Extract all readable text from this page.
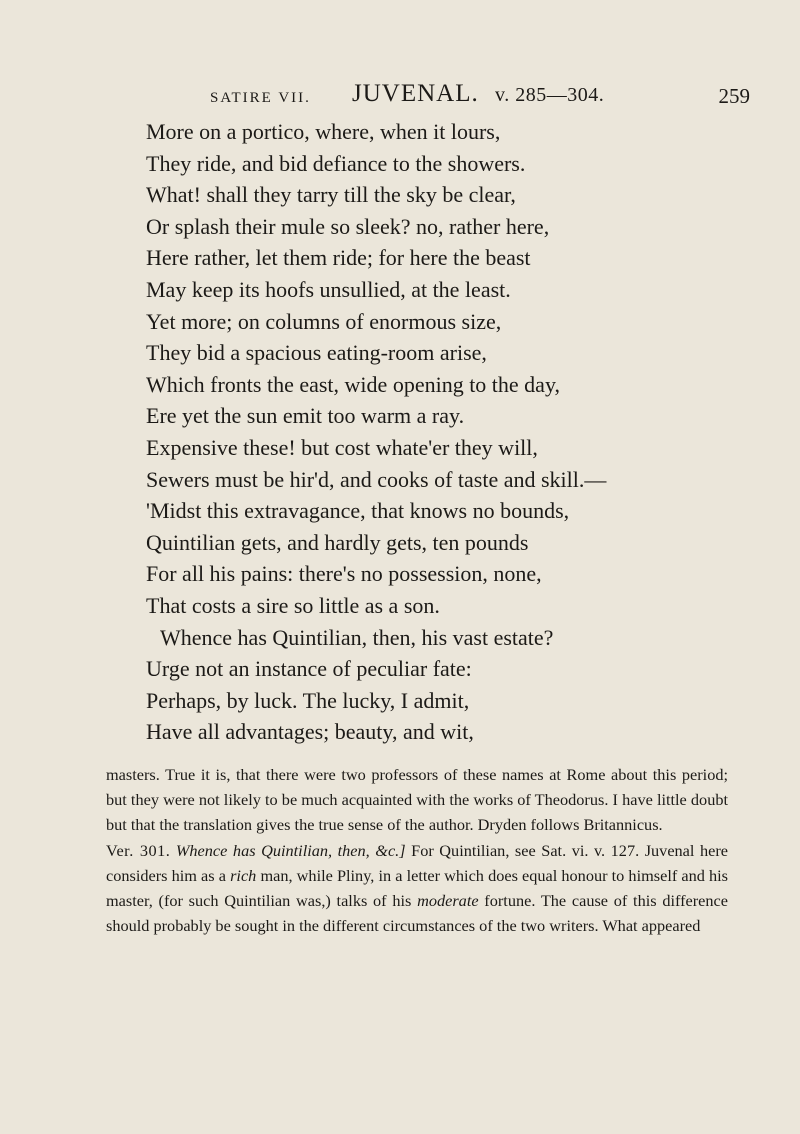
SATIRE VII. JUVENAL. v. 285—304.	259
More on a portico, where, when it lours,
They ride, and bid defiance to the showers.
What! shall they tarry till the sky be clear,
Or splash their mule so sleek? no, rather here,
Here rather, let them ride; for here the beast
May keep its hoofs unsullied, at the least.
Yet more; on columns of enormous size,
They bid a spacious eating-room arise,
Which fronts the east, wide opening to the day,
Ere yet the sun emit too warm a ray.
Expensive these! but cost whate'er they will,
Sewers must be hir'd, and cooks of taste and skill.—
'Midst this extravagance, that knows no bounds,
Quintilian gets, and hardly gets, ten pounds
For all his pains: there's no possession, none,
That costs a sire so little as a son.
Whence has Quintilian, then, his vast estate?
Urge not an instance of peculiar fate:
Perhaps, by luck. The lucky, I admit,
Have all advantages; beauty, and wit,

masters. True it is, that there were two professors of these names at Rome about this period; but they were not likely to be much acquainted with the works of Theodorus. I have little doubt but that the translation gives the true sense of the author. Dryden follows Britannicus.

Ver. 301. Whence has Quintilian, then, &c.] For Quintilian, see Sat. vi. v. 127. Juvenal here considers him as a rich man, while Pliny, in a letter which does equal honour to himself and his master, (for such Quintilian was,) talks of his moderate fortune. The cause of this difference should probably be sought in the different circumstances of the two writers. What appeared
